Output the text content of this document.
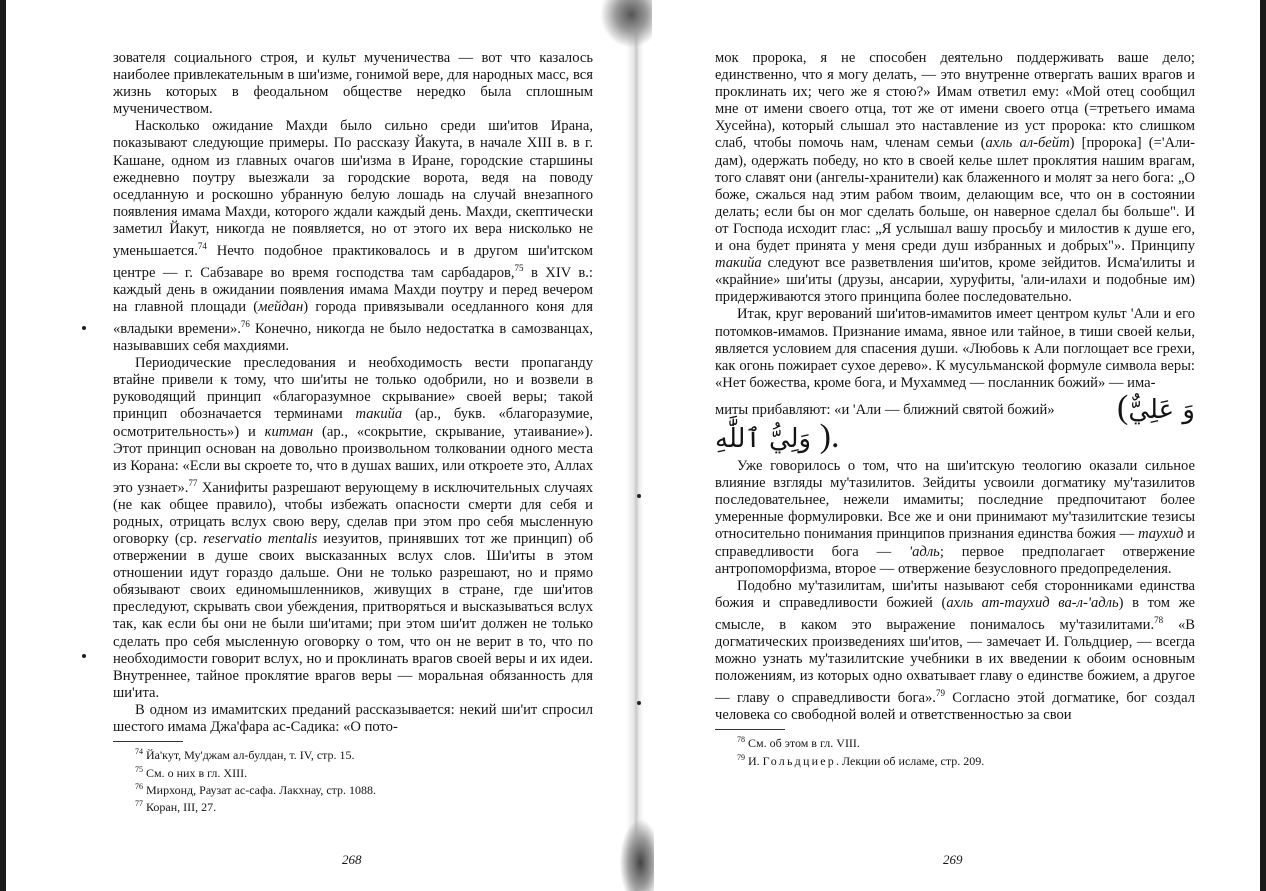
зователя социального строя, и культ мученичества — вот что казалось наиболее привлекательным в ши'изме, гонимой вере, для народных масс, вся жизнь которых в феодальном обществе нередко была сплошным мученичеством.

Насколько ожидание Махди было сильно среди ши'итов Ирана, показывают следующие примеры. По рассказу Йакута, в начале XIII в. в г. Кашане, одном из главных очагов ши'изма в Иране, городские старшины ежедневно поутру выезжали за городские ворота, ведя на поводу оседланную и роскошно убранную белую лошадь на случай внезапного появления имама Махди, которого ждали каждый день. Махди, скептически заметил Йакут, никогда не появляется, но от этого их вера нисколько не уменьшается.$^{74}$ Нечто подобное практиковалось и в другом ши'итском центре — г. Сабзаваре во время господства там сарбадаров,$^{75}$ в XIV в.: каждый день в ожидании появления имама Махди поутру и перед вечером на главной площади (мейдан) города привязывали оседланного коня для «владыки времени».$^{76}$ Конечно, никогда не было недостатка в самозванцах, называвших себя махдиями.

Периодические преследования и необходимость вести пропаганду втайне привели к тому, что ши'иты не только одобрили, но и возвели в руководящий принцип «благоразумное скрывание» своей веры; такой принцип обозначается терминами такийа (ар., букв. «благоразумие, осмотрительность») и китман (ар., «сокрытие, скрывание, утаивание»). Этот принцип основан на довольно произвольном толковании одного места из Корана: «Если вы скроете то, что в душах ваших, или откроете это, Аллах это узнает».$^{77}$ Ханифиты разрешают верующему в исключительных случаях (не как общее правило), чтобы избежать опасности смерти для себя и родных, отрицать вслух свою веру, сделав при этом про себя мысленную оговорку (ср. reservatio mentalis иезуитов, принявших тот же принцип) об отвержении в душе своих высказанных вслух слов. Ши'иты в этом отношении идут гораздо дальше. Они не только разрешают, но и прямо обязывают своих единомышленников, живущих в стране, где ши'итов преследуют, скрывать свои убеждения, притворяться и высказываться вслух так, как если бы они не были ши'итами; при этом ши'ит должен не только сделать про себя мысленную оговорку о том, что он не верит в то, что по необходимости говорит вслух, но и проклинать врагов своей веры и их идеи. Внутреннее, тайное проклятие врагов веры — моральная обязанность для ши'ита.

В одном из имамитских преданий рассказывается: некий ши'ит спросил шестого имама Джа'фара ас-Садика: «О пото-

$^{74}$ Йа'кут, Му'джам ал-булдан, т. IV, стр. 15.
$^{75}$ См. о них в гл. XIII.
$^{76}$ Мирхонд, Раузат ас-сафа. Лакхнау, стр. 1088.
$^{77}$ Коран, III, 27.
268

мок пророка, я не способен деятельно поддерживать ваше дело; единственно, что я могу делать, — это внутренне отвергать ваших врагов и проклинать их; чего же я стою?» Имам ответил ему: «Мой отец сообщил мне от имени своего отца, тот же от имени своего отца (=третьего имама Хусейна), который слышал это наставление из уст пророка: кто слишком слаб, чтобы помочь нам, членам семьи (ахль ал-бейт) [пророка] (='Али-дам), одержать победу, но кто в своей келье шлет проклятия нашим врагам, того славят они (ангелы-хранители) как блаженного и молят за него бога: „О боже, сжалься над этим рабом твоим, делающим все, что он в состоянии делать; если бы он мог сделать больше, он наверное сделал бы больше". И от Господа исходит глас: „Я услышал вашу просьбу и милостив к душе его, и она будет принята у меня среди душ избранных и добрых"». Принципу такийа следуют все разветвления ши'итов, кроме зейдитов. Исма'илиты и «крайние» ши'иты (друзы, ансарии, хуруфиты, 'али-илахи и подобные им) придерживаются этого принципа более последовательно.

Итак, круг верований ши'итов-имамитов имеет центром культ 'Али и его потомков-имамов. Признание имама, явное или тайное, в тиши своей кельи, является условием для спасения души. «Любовь к Али поглощает все грехи, как огонь пожирает сухое дерево». К мусульманской формуле символа веры: «Нет божества, кроме бога, и Мухаммед — посланник божий» — има-

миты прибавляют: «и 'Али — ближний святой божий» (وَ عَلِيٌّ
وَلِيُّ ٱللَّٰهِ ).

Уже говорилось о том, что на ши'итскую теологию оказали сильное влияние взгляды му'тазилитов. Зейдиты усвоили догматику му'тазилитов последовательнее, нежели имамиты; последние предпочитают более умеренные формулировки. Все же и они принимают му'тазилитские тезисы относительно понимания принципов признания единства божия — таухид и справедливости бога — 'адль; первое предполагает отвержение антропоморфизма, второе — отвержение безусловного предопределения.

Подобно му'тазилитам, ши'иты называют себя сторонниками единства божия и справедливости божией (ахль ат-таухид ва-л-'адль) в том же смысле, в каком это выражение понималось му'тазилитами.$^{78}$ «В догматических произведениях ши'итов, — замечает И. Гольдциер, — всегда можно узнать му'тазилитские учебники в их введении к обоим основным положениям, из которых одно охватывает главу о единстве божием, а другое — главу о справедливости бога».$^{79}$ Согласно этой догматике, бог создал человека со свободной волей и ответственностью за свои

$^{78}$ См. об этом в гл. VIII.
$^{79}$ И. Гольдциер. Лекции об исламе, стр. 209.
269
